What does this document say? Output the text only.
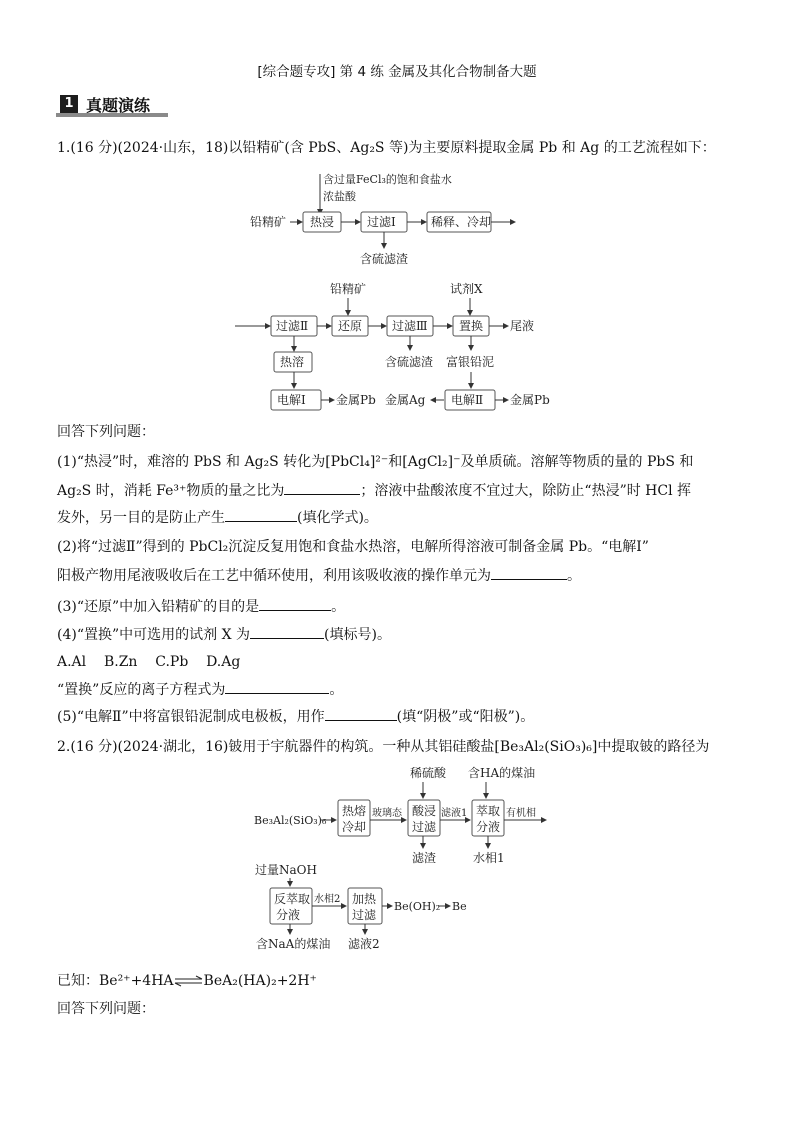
[综合题专攻] 第 4 练 金属及其化合物制备大题
1 真题演练
1.(16 分)(2024·山东，18)以铅精矿(含 PbS、Ag₂S 等)为主要原料提取金属 Pb 和 Ag 的工艺流程如下：
含过量FeCl₃的饱和食盐水
浓盐酸
铅精矿 热浸	过滤Ⅰ	稀释、冷却
含硫滤渣
铅精矿	试剂X
过滤Ⅱ 还原 过滤Ⅲ	置换 尾液
热溶	含硫滤渣 富银铅泥
电解Ⅰ	金属Pb 金属Ag 电解Ⅱ 金属Pb
回答下列问题：
(1)“热浸”时，难溶的 PbS 和 Ag₂S 转化为[PbCl₄]²⁻和[AgCl₂]⁻及单质硫。溶解等物质的量的 PbS 和
Ag₂S 时，消耗 Fe³⁺物质的量之比为	；溶液中盐酸浓度不宜过大，除防止“热浸”时 HCl 挥
发外，另一目的是防止产生	(填化学式)。
(2)将“过滤Ⅱ”得到的 PbCl₂沉淀反复用饱和食盐水热溶，电解所得溶液可制备金属 Pb。“电解Ⅰ”
阳极产物用尾液吸收后在工艺中循环使用，利用该吸收液的操作单元为	。
(3)“还原”中加入铅精矿的目的是	。
(4)“置换”中可选用的试剂 X 为	(填标号)。
A.Al    B.Zn    C.Pb    D.Ag
“置换”反应的离子方程式为	。
(5)“电解Ⅱ”中将富银铅泥制成电极板，用作	(填“阴极”或“阳极”)。
2.(16 分)(2024·湖北，16)铍用于宇航器件的构筑。一种从其铝硅酸盐[Be₃Al₂(SiO₃)₆]中提取铍的路径为
稀硫酸 含HA的煤油
Be₃Al₂(SiO₃)₆
热熔
冷却
玻璃态 酸浸
过滤
滤液1 萃取
分液
有机相
滤渣	水相1
过量NaOH
反萃取
分液
水相2 加热
过滤
Be(OH)₂ Be
含NaA的煤油 滤液2
已知：Be²⁺+4HA⇌BeA₂(HA)₂+2H⁺
回答下列问题：
